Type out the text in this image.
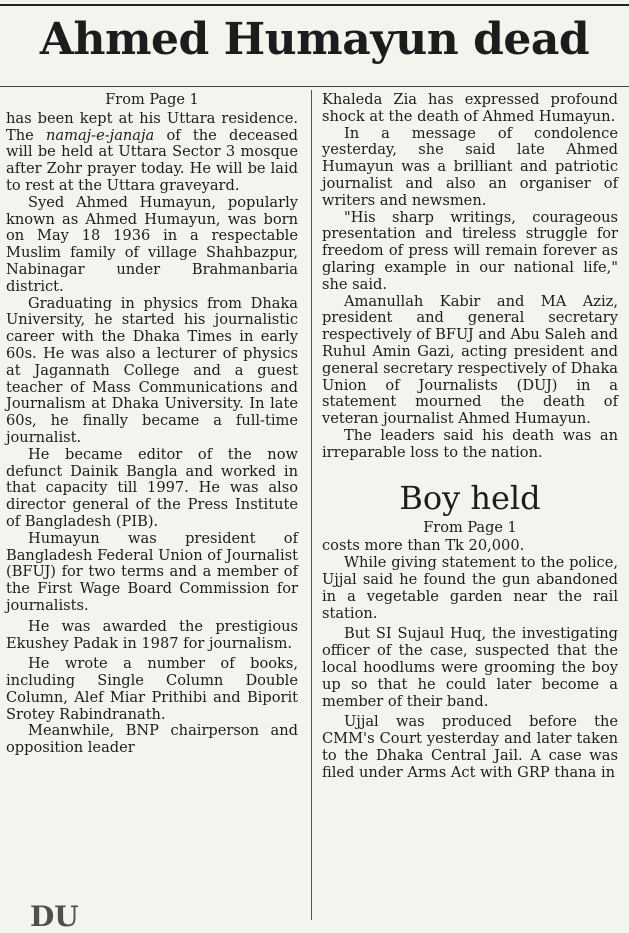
Ahmed Humayun dead

From Page 1

has been kept at his Uttara residence. The namaj-e-janaja of the deceased will be held at Uttara Sector 3 mosque after Zohr prayer today. He will be laid to rest at the Uttara graveyard.

Syed Ahmed Humayun, popularly known as Ahmed Humayun, was born on May 18 1936 in a respectable Muslim family of village Shahbazpur, Nabinagar under Brahmanbaria district.

Graduating in physics from Dhaka University, he started his journalistic career with the Dhaka Times in early 60s. He was also a lecturer of physics at Jagannath College and a guest teacher of Mass Communications and Journalism at Dhaka University. In late 60s, he finally became a full-time journalist.

He became editor of the now defunct Dainik Bangla and worked in that capacity till 1997. He was also director general of the Press Institute of Bangladesh (PIB).

Humayun was president of Bangladesh Federal Union of Journalist (BFUJ) for two terms and a member of the First Wage Board Commission for journalists.

He was awarded the prestigious Ekushey Padak in 1987 for journalism.

He wrote a number of books, including Single Column Double Column, Alef Miar Prithibi and Biporit Srotey Rabindranath.

Meanwhile, BNP chairperson and opposition leader

Khaleda Zia has expressed profound shock at the death of Ahmed Humayun.

In a message of condolence yesterday, she said late Ahmed Humayun was a brilliant and patriotic journalist and also an organiser of writers and newsmen.

"His sharp writings, courageous presentation and tireless struggle for freedom of press will remain forever as glaring example in our national life," she said.

Amanullah Kabir and MA Aziz, president and general secretary respectively of BFUJ and Abu Saleh and Ruhul Amin Gazi, acting president and general secretary respectively of Dhaka Union of Journalists (DUJ) in a statement mourned the death of veteran journalist Ahmed Humayun.

The leaders said his death was an irreparable loss to the nation.

Boy held

From Page 1

costs more than Tk 20,000.

While giving statement to the police, Ujjal said he found the gun abandoned in a vegetable garden near the rail station.

But SI Sujaul Huq, the investigating officer of the case, suspected that the local hoodlums were grooming the boy up so that he could later become a member of their band.

Ujjal was produced before the CMM's Court yesterday and later taken to the Dhaka Central Jail. A case was filed under Arms Act with GRP thana in

DU
